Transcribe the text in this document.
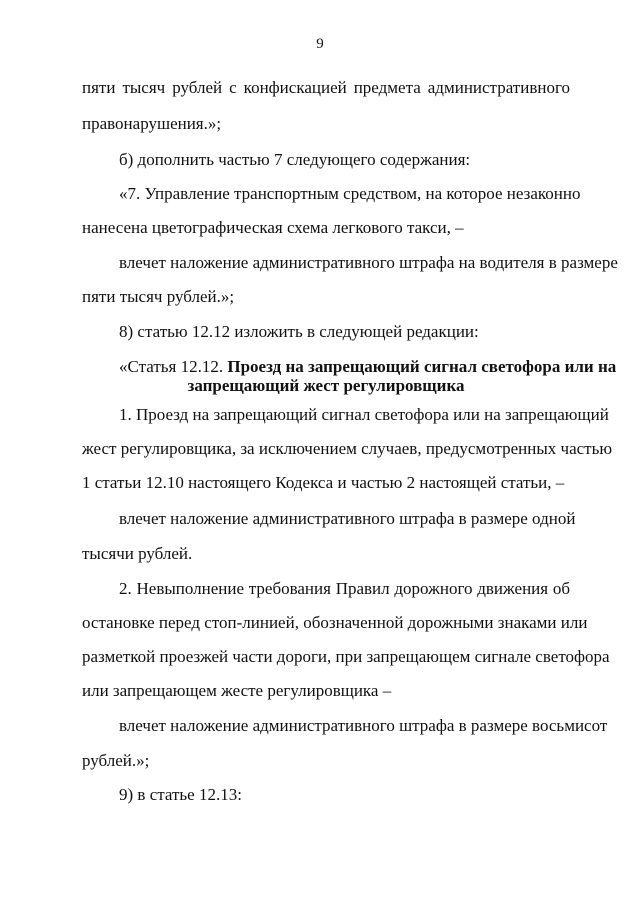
9
пяти тысяч рублей с конфискацией предмета административного
правонарушения.»;
б) дополнить частью 7 следующего содержания:
«7. Управление транспортным средством, на которое незаконно
нанесена цветографическая схема легкового такси, –
влечет наложение административного штрафа на водителя в размере
пяти тысяч рублей.»;
8) статью 12.12 изложить в следующей редакции:
«Статья 12.12. Проезд на запрещающий сигнал светофора или на
запрещающий жест регулировщика
1. Проезд на запрещающий сигнал светофора или на запрещающий
жест регулировщика, за исключением случаев, предусмотренных частью
1 статьи 12.10 настоящего Кодекса и частью 2 настоящей статьи, –
влечет наложение административного штрафа в размере одной
тысячи рублей.
2. Невыполнение требования Правил дорожного движения об
остановке перед стоп-линией, обозначенной дорожными знаками или
разметкой проезжей части дороги, при запрещающем сигнале светофора
или запрещающем жесте регулировщика –
влечет наложение административного штрафа в размере восьмисот
рублей.»;
9) в статье 12.13:
